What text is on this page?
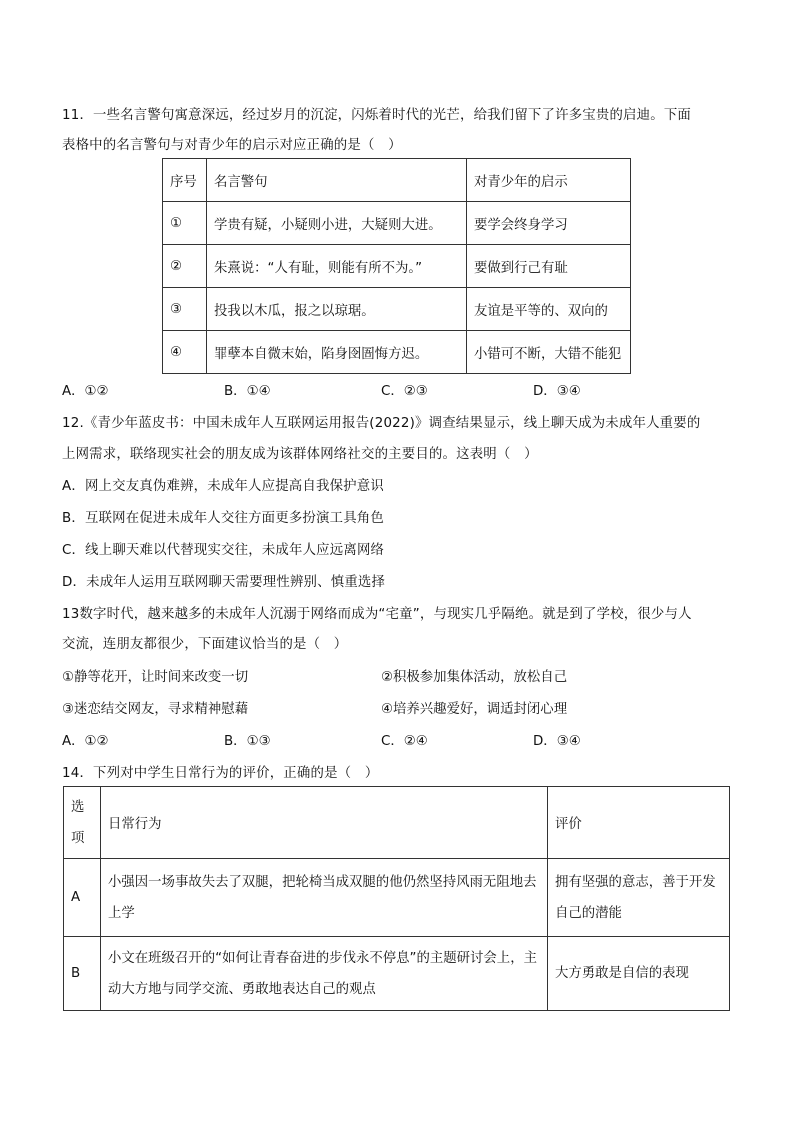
11．一些名言警句寓意深远，经过岁月的沉淀，闪烁着时代的光芒，给我们留下了许多宝贵的启迪。下面
表格中的名言警句与对青少年的启示对应正确的是（　）
序号	名言警句	对青少年的启示
①	学贵有疑，小疑则小进，大疑则大进。	要学会终身学习
②	朱熹说：“人有耻，则能有所不为。”	要做到行己有耻
③	投我以木瓜，报之以琼琚。	友谊是平等的、双向的
④	罪孽本自微末始，陷身囹圄悔方迟。	小错可不断，大错不能犯
A．①②	B．①④	C．②③	D．③④
12.《青少年蓝皮书：中国未成年人互联网运用报告(2022)》调查结果显示，线上聊天成为未成年人重要的
上网需求，联络现实社会的朋友成为该群体网络社交的主要目的。这表明（　）
A．网上交友真伪难辨，未成年人应提高自我保护意识
B．互联网在促进未成年人交往方面更多扮演工具角色
C．线上聊天难以代替现实交往，未成年人应远离网络
D．未成年人运用互联网聊天需要理性辨别、慎重选择
13数字时代，越来越多的未成年人沉溺于网络而成为“宅童”，与现实几乎隔绝。就是到了学校，很少与人
交流，连朋友都很少，下面建议恰当的是（　）
①静等花开，让时间来改变一切	②积极参加集体活动，放松自己
③迷恋结交网友，寻求精神慰藉	④培养兴趣爱好，调适封闭心理
A．①②	B．①③	C．②④	D．③④
14．下列对中学生日常行为的评价，正确的是（　）
选项	日常行为	评价
A	小强因一场事故失去了双腿，把轮椅当成双腿的他仍然坚持风雨无阻地去上学	拥有坚强的意志，善于开发自己的潜能
B	小文在班级召开的“如何让青春奋进的步伐永不停息”的主题研讨会上，主动大方地与同学交流、勇敢地表达自己的观点	大方勇敢是自信的表现
